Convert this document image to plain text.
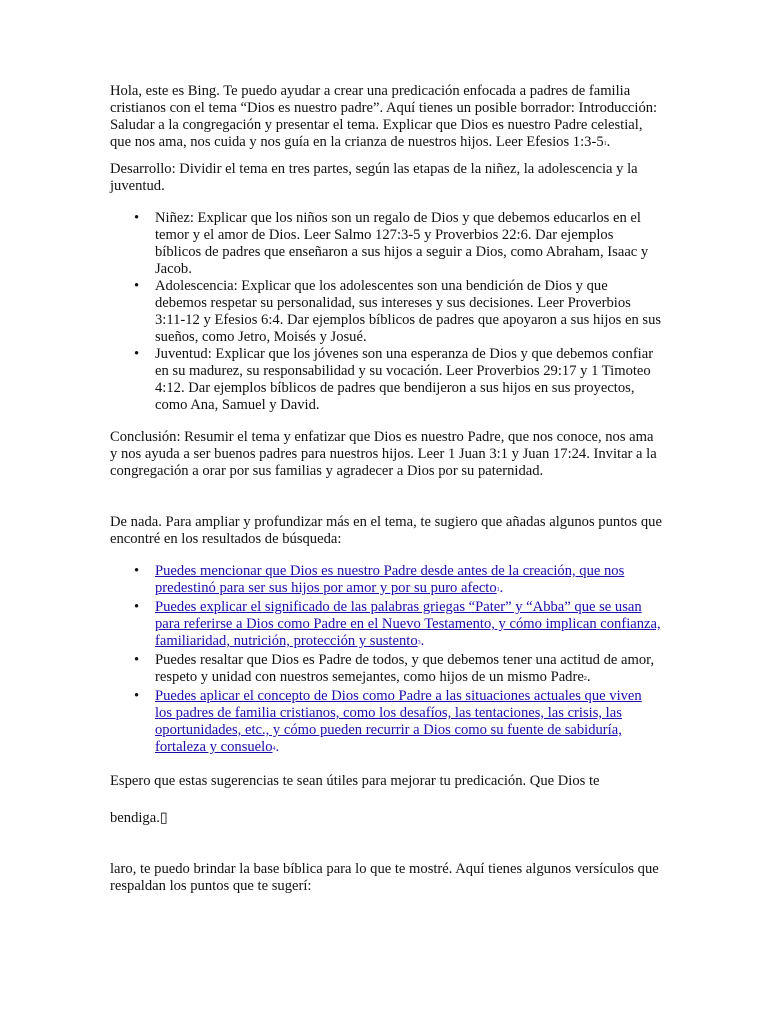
Hola, este es Bing. Te puedo ayudar a crear una predicación enfocada a padres de familia cristianos con el tema “Dios es nuestro padre”. Aquí tienes un posible borrador: Introducción: Saludar a la congregación y presentar el tema. Explicar que Dios es nuestro Padre celestial, que nos ama, nos cuida y nos guía en la crianza de nuestros hijos. Leer Efesios 1:3-51.

Desarrollo: Dividir el tema en tres partes, según las etapas de la niñez, la adolescencia y la juventud.

• Niñez: Explicar que los niños son un regalo de Dios y que debemos educarlos en el temor y el amor de Dios. Leer Salmo 127:3-5 y Proverbios 22:6. Dar ejemplos bíblicos de padres que enseñaron a sus hijos a seguir a Dios, como Abraham, Isaac y Jacob.
• Adolescencia: Explicar que los adolescentes son una bendición de Dios y que debemos respetar su personalidad, sus intereses y sus decisiones. Leer Proverbios 3:11-12 y Efesios 6:4. Dar ejemplos bíblicos de padres que apoyaron a sus hijos en sus sueños, como Jetro, Moisés y Josué.
• Juventud: Explicar que los jóvenes son una esperanza de Dios y que debemos confiar en su madurez, su responsabilidad y su vocación. Leer Proverbios 29:17 y 1 Timoteo 4:12. Dar ejemplos bíblicos de padres que bendijeron a sus hijos en sus proyectos, como Ana, Samuel y David.

Conclusión: Resumir el tema y enfatizar que Dios es nuestro Padre, que nos conoce, nos ama y nos ayuda a ser buenos padres para nuestros hijos. Leer 1 Juan 3:1 y Juan 17:24. Invitar a la congregación a orar por sus familias y agradecer a Dios por su paternidad.

De nada. Para ampliar y profundizar más en el tema, te sugiero que añadas algunos puntos que encontré en los resultados de búsqueda:

• Puedes mencionar que Dios es nuestro Padre desde antes de la creación, que nos predestinó para ser sus hijos por amor y por su puro afecto1.
• Puedes explicar el significado de las palabras griegas “Pater” y “Abba” que se usan para referirse a Dios como Padre en el Nuevo Testamento, y cómo implican confianza, familiaridad, nutrición, protección y sustento3.
• Puedes resaltar que Dios es Padre de todos, y que debemos tener una actitud de amor, respeto y unidad con nuestros semejantes, como hijos de un mismo Padre2.
• Puedes aplicar el concepto de Dios como Padre a las situaciones actuales que viven los padres de familia cristianos, como los desafíos, las tentaciones, las crisis, las oportunidades, etc., y cómo pueden recurrir a Dios como su fuente de sabiduría, fortaleza y consuelo4.

Espero que estas sugerencias te sean útiles para mejorar tu predicación. Que Dios te

bendiga.▯

laro, te puedo brindar la base bíblica para lo que te mostré. Aquí tienes algunos versículos que respaldan los puntos que te sugerí:
